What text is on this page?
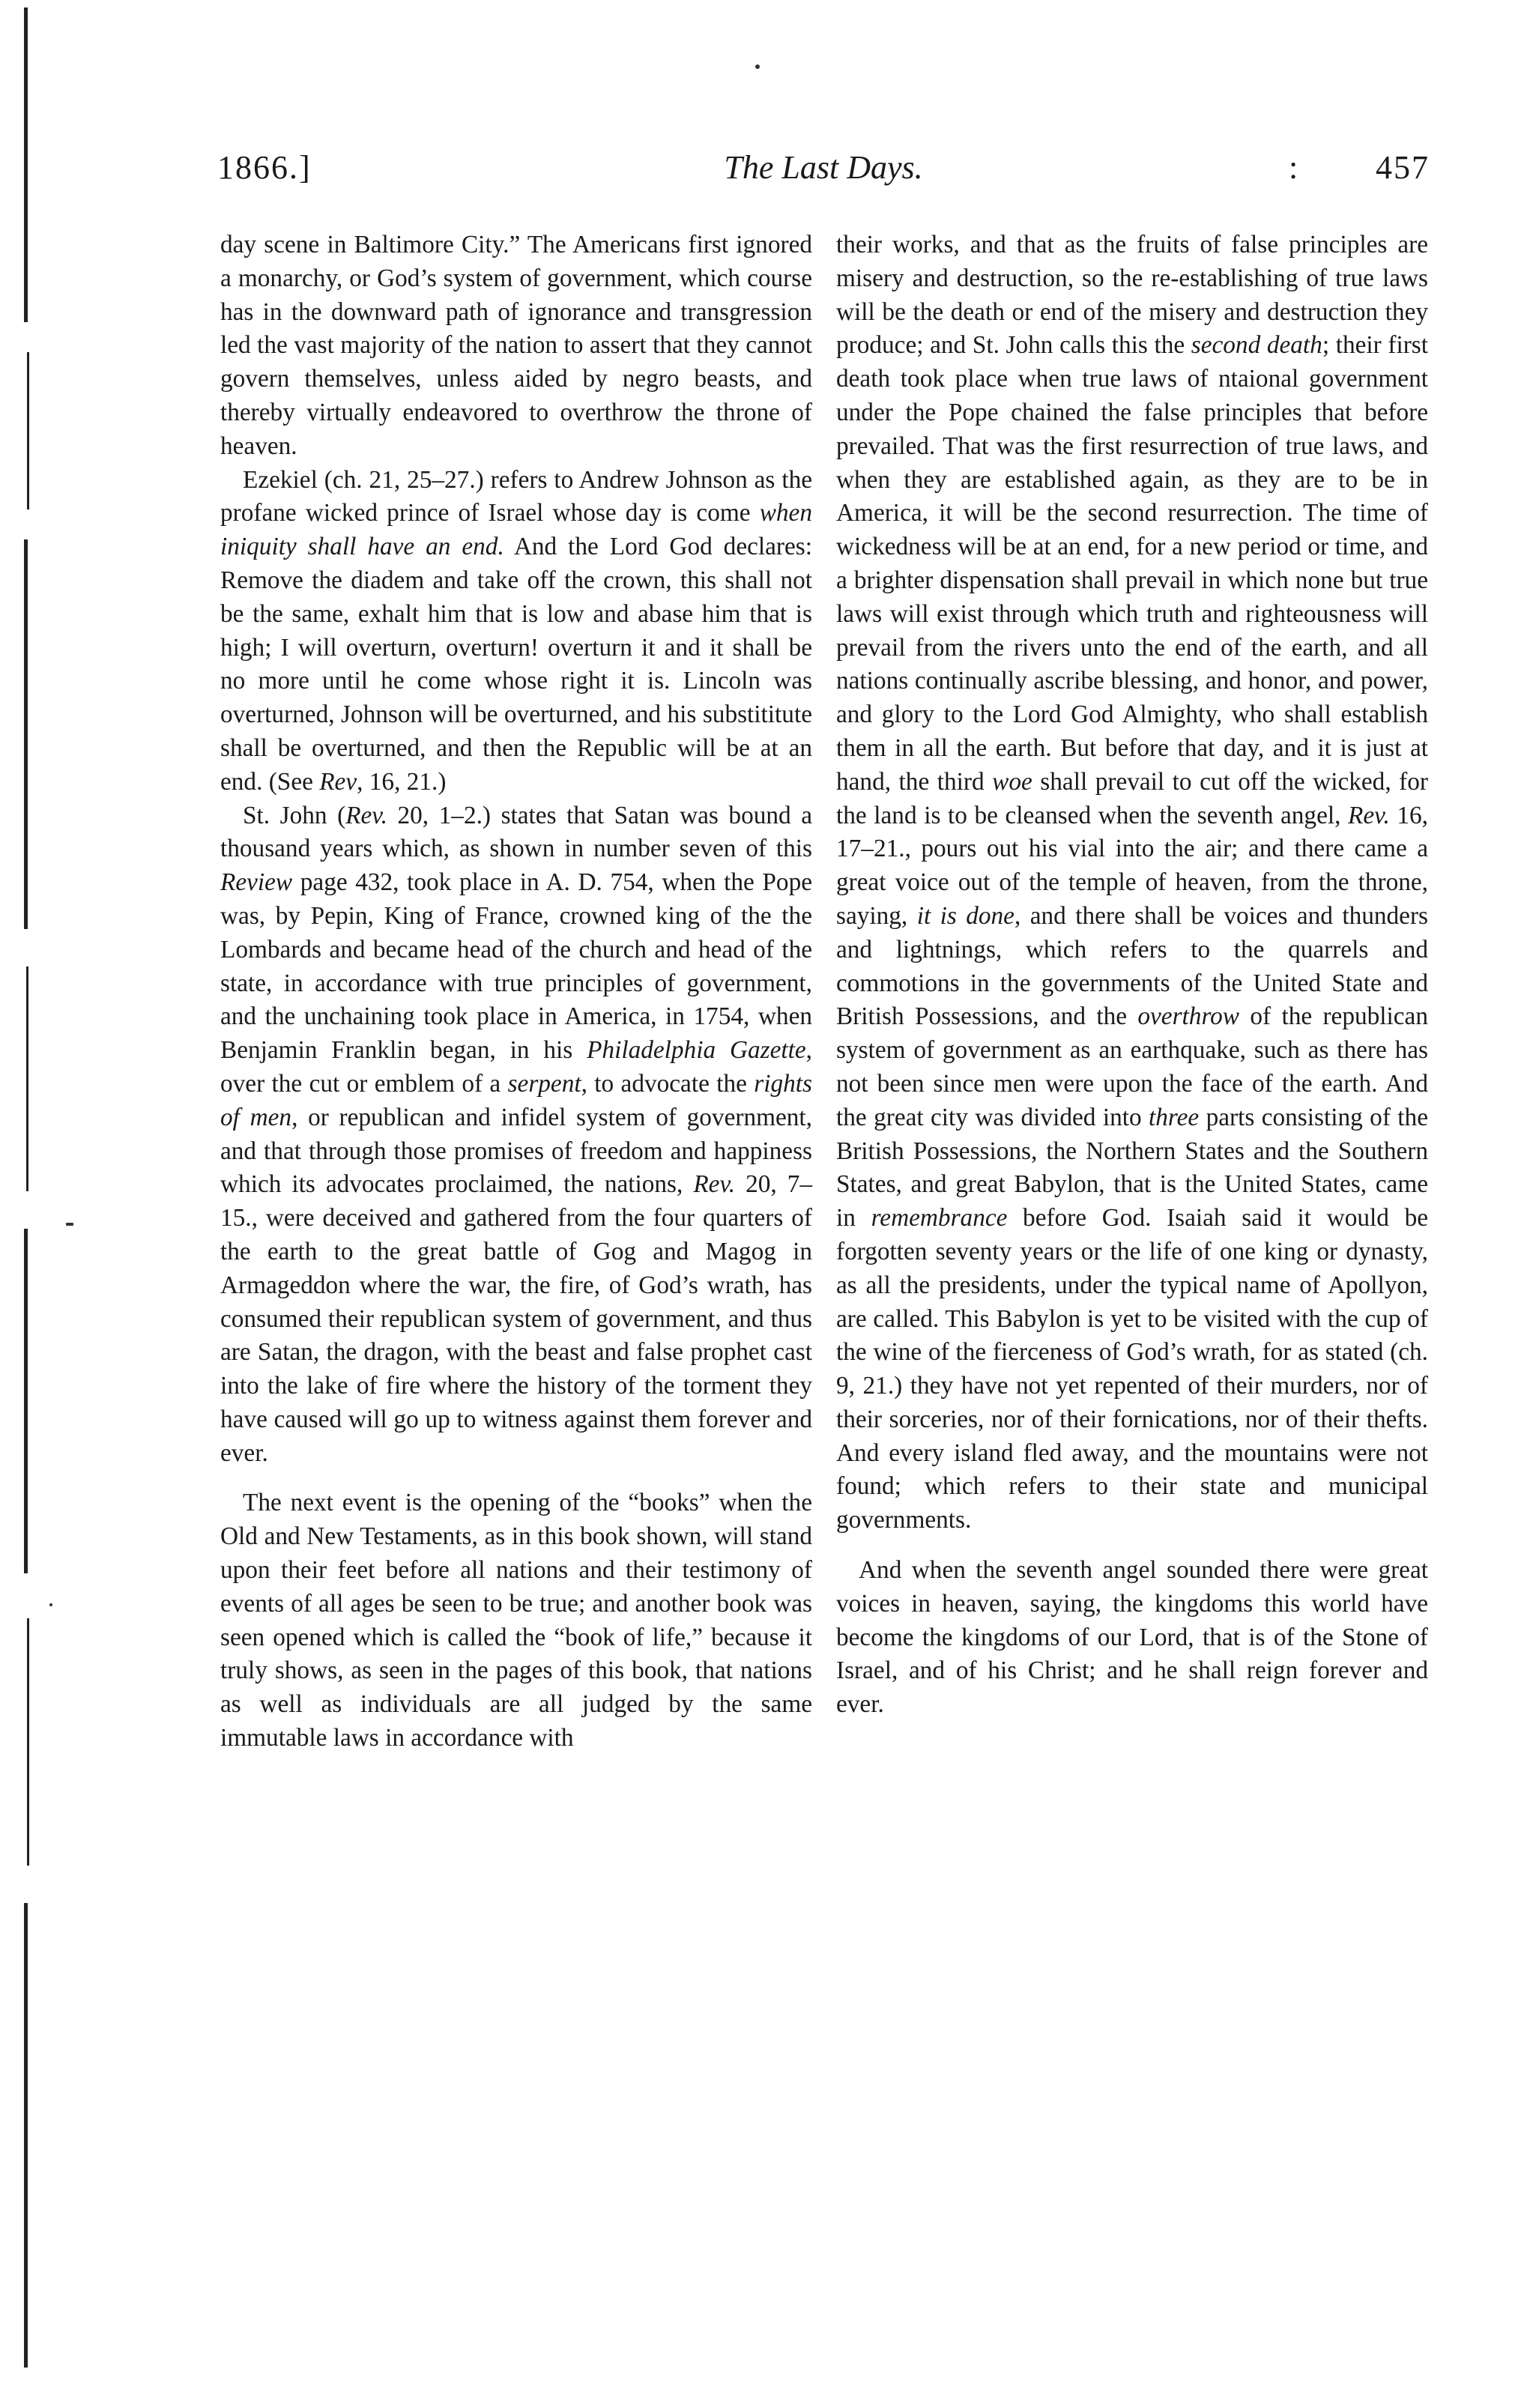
1866.]	The Last Days.	: 457

day scene in Baltimore City.” The Americans first ignored a monarchy, or God’s system of government, which course has in the downward path of ignorance and transgression led the vast majority of the nation to assert that they cannot govern themselves, unless aided by negro beasts, and thereby virtually endeavored to overthrow the throne of heaven.

Ezekiel (ch. 21, 25–27.) refers to Andrew Johnson as the profane wicked prince of Israel whose day is come when iniquity shall have an end. And the Lord God declares: Remove the diadem and take off the crown, this shall not be the same, exhalt him that is low and abase him that is high; I will overturn, overturn! overturn it and it shall be no more until he come whose right it is. Lincoln was overturned, Johnson will be overturned, and his substititute shall be overturned, and then the Republic will be at an end. (See Rev, 16, 21.)

St. John (Rev. 20, 1–2.) states that Satan was bound a thousand years which, as shown in number seven of this Review page 432, took place in A. D. 754, when the Pope was, by Pepin, King of France, crowned king of the the Lombards and became head of the church and head of the state, in accordance with true principles of government, and the unchaining took place in America, in 1754, when Benjamin Franklin began, in his Philadelphia Gazette, over the cut or emblem of a serpent, to advocate the rights of men, or republican and infidel system of government, and that through those promises of freedom and happiness which its advocates proclaimed, the nations, Rev. 20, 7–15., were deceived and gathered from the four quarters of the earth to the great battle of Gog and Magog in Armageddon where the war, the fire, of God’s wrath, has consumed their republican system of government, and thus are Satan, the dragon, with the beast and false prophet cast into the lake of fire where the history of the torment they have caused will go up to witness against them forever and ever.

The next event is the opening of the “books” when the Old and New Testaments, as in this book shown, will stand upon their feet before all nations and their testimony of events of all ages be seen to be true; and another book was seen opened which is called the “book of life,” because it truly shows, as seen in the pages of this book, that nations as well as individuals are all judged by the same immutable laws in accordance with

their works, and that as the fruits of false principles are misery and destruction, so the re-establishing of true laws will be the death or end of the misery and destruction they produce; and St. John calls this the second death; their first death took place when true laws of ntaional government under the Pope chained the false principles that before prevailed. That was the first resurrection of true laws, and when they are established again, as they are to be in America, it will be the second resurrection. The time of wickedness will be at an end, for a new period or time, and a brighter dispensation shall prevail in which none but true laws will exist through which truth and righteousness will prevail from the rivers unto the end of the earth, and all nations continually ascribe blessing, and honor, and power, and glory to the Lord God Almighty, who shall establish them in all the earth. But before that day, and it is just at hand, the third woe shall prevail to cut off the wicked, for the land is to be cleansed when the seventh angel, Rev. 16, 17–21., pours out his vial into the air; and there came a great voice out of the temple of heaven, from the throne, saying, it is done, and there shall be voices and thunders and lightnings, which refers to the quarrels and commotions in the governments of the United State and British Possessions, and the overthrow of the republican system of government as an earthquake, such as there has not been since men were upon the face of the earth. And the great city was divided into three parts consisting of the British Possessions, the Northern States and the Southern States, and great Babylon, that is the United States, came in remembrance before God. Isaiah said it would be forgotten seventy years or the life of one king or dynasty, as all the presidents, under the typical name of Apollyon, are called. This Babylon is yet to be visited with the cup of the wine of the fierceness of God’s wrath, for as stated (ch. 9, 21.) they have not yet repented of their murders, nor of their sorceries, nor of their fornications, nor of their thefts. And every island fled away, and the mountains were not found; which refers to their state and municipal governments.

And when the seventh angel sounded there were great voices in heaven, saying, the kingdoms this world have become the kingdoms of our Lord, that is of the Stone of Israel, and of his Christ; and he shall reign forever and ever.
